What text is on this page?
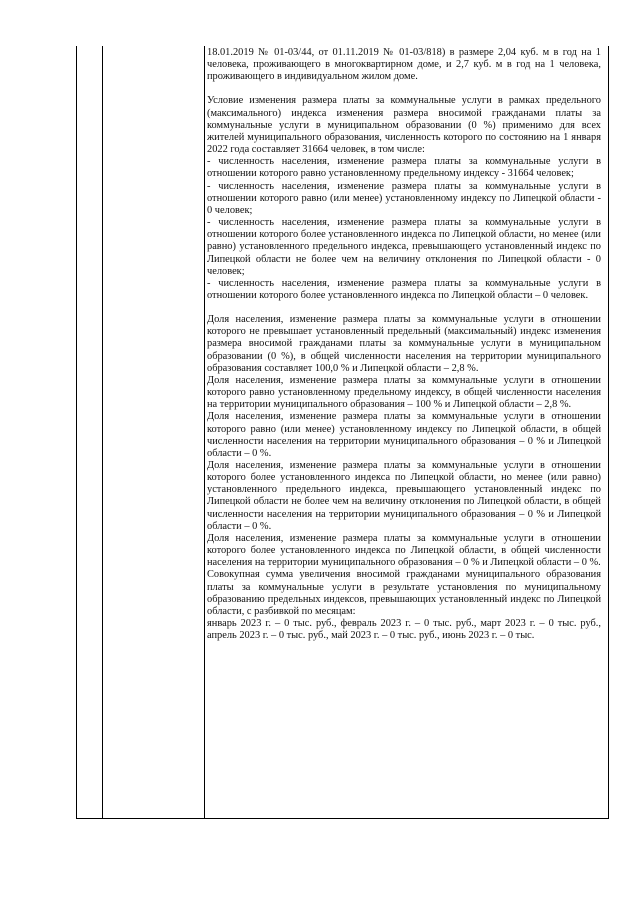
18.01.2019 № 01-03/44, от 01.11.2019 № 01-03/818) в размере 2,04 куб. м в год на 1 человека, проживающего в многоквартирном доме, и 2,7 куб. м в год на 1 человека, проживающего в индивидуальном жилом доме.

Условие изменения размера платы за коммунальные услуги в рамках предельного (максимального) индекса изменения размера вносимой гражданами платы за коммунальные услуги в муниципальном образовании (0 %) применимо для всех жителей муниципального образования, численность которого по состоянию на 1 января 2022 года составляет 31664 человек, в том числе:

- численность населения, изменение размера платы за коммунальные услуги в отношении которого равно установленному предельному индексу - 31664 человек;

- численность населения, изменение размера платы за коммунальные услуги в отношении которого равно (или менее) установленному индексу по Липецкой области - 0 человек;

- численность населения, изменение размера платы за коммунальные услуги в отношении которого более установленного индекса по Липецкой области, но менее (или равно) установленного предельного индекса, превышающего установленный индекс по Липецкой области не более чем на величину отклонения по Липецкой области - 0 человек;

- численность населения, изменение размера платы за коммунальные услуги в отношении которого более установленного индекса по Липецкой области – 0 человек.

Доля населения, изменение размера платы за коммунальные услуги в отношении которого не превышает установленный предельный (максимальный) индекс изменения размера вносимой гражданами платы за коммунальные услуги в муниципальном образовании (0 %), в общей численности населения на территории муниципального образования составляет 100,0 % и Липецкой области – 2,8 %.

Доля населения, изменение размера платы за коммунальные услуги в отношении которого равно установленному предельному индексу, в общей численности населения на территории муниципального образования – 100 % и Липецкой области – 2,8 %.

Доля населения, изменение размера платы за коммунальные услуги в отношении которого равно (или менее) установленному индексу по Липецкой области, в общей численности населения на территории муниципального образования – 0 % и Липецкой области – 0 %.

Доля населения, изменение размера платы за коммунальные услуги в отношении которого более установленного индекса по Липецкой области, но менее (или равно) установленного предельного индекса, превышающего установленный индекс по Липецкой области не более чем на величину отклонения по Липецкой области, в общей численности населения на территории муниципального образования – 0 % и Липецкой области – 0 %.

Доля населения, изменение размера платы за коммунальные услуги в отношении которого более установленного индекса по Липецкой области, в общей численности населения на территории муниципального образования – 0 % и Липецкой области – 0 %.

Совокупная сумма увеличения вносимой гражданами муниципального образования платы за коммунальные услуги в результате установления по муниципальному образованию предельных индексов, превышающих установленный индекс по Липецкой области, с разбивкой по месяцам:

январь 2023 г. – 0 тыс. руб., февраль 2023 г. – 0 тыс. руб., март 2023 г. – 0 тыс. руб., апрель 2023 г. – 0 тыс. руб., май 2023 г. – 0 тыс. руб., июнь 2023 г. – 0 тыс.
